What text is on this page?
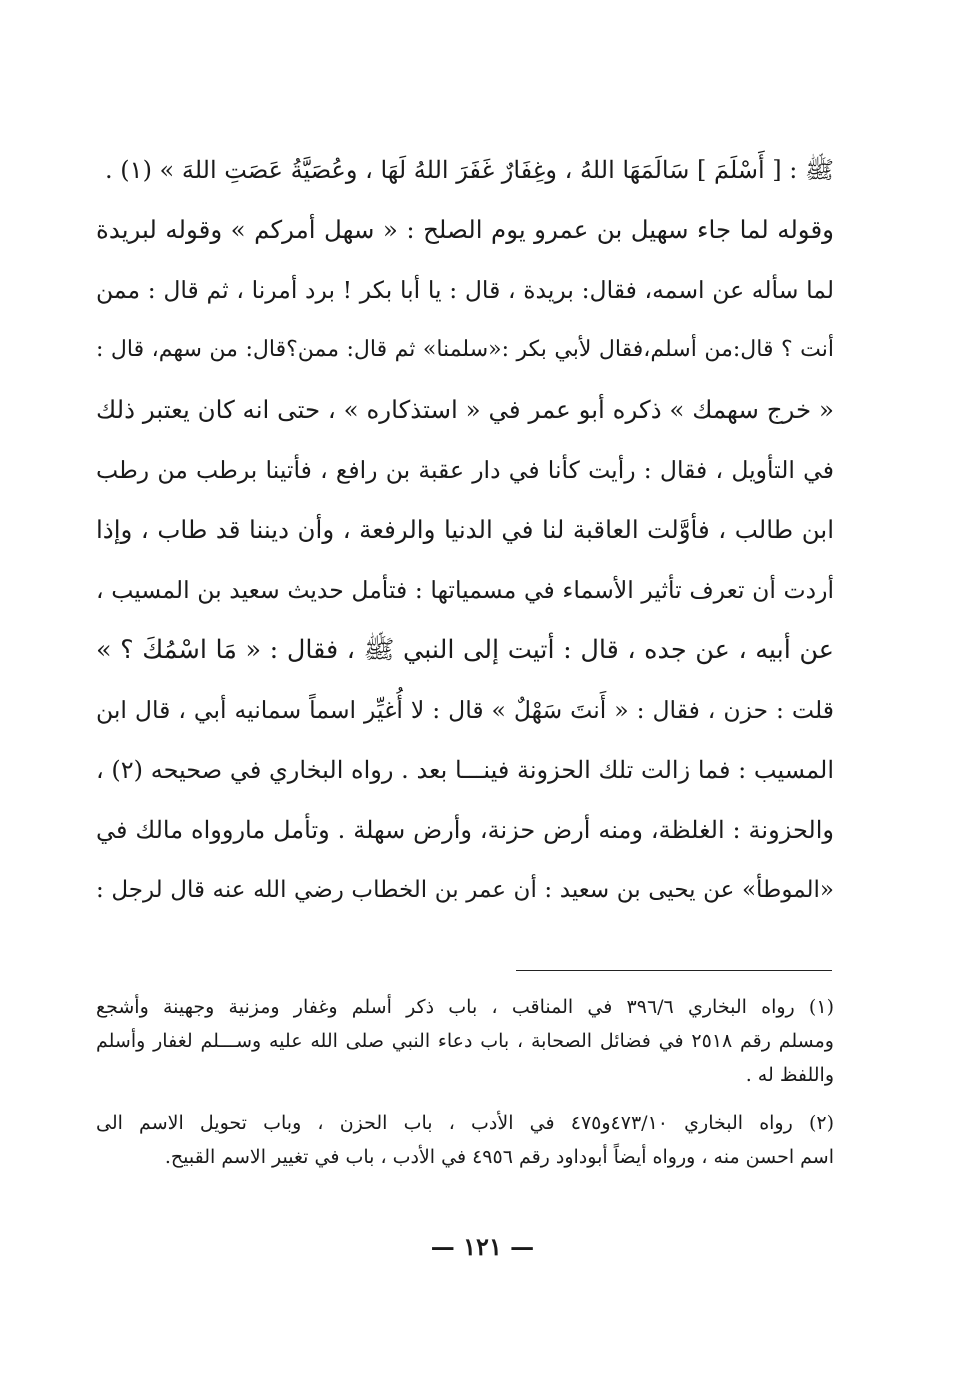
ﷺ : [ أَسْلَمَ ] سَالَمَهَا اللهُ ، وغِفَارٌ غَفَرَ اللهُ لَهَا ، وعُصَيَّةُ عَصَتِ اللهَ » (١) .
وقوله لما جاء سهيل بن عمرو يوم الصلح : « سهل أمركم » وقوله لبريدة
لما سأله عن اسمه، فقال: بريدة ، قال : يا أبا بكر ! برد أمرنا ، ثم قال : ممن
أنت ؟ قال:من أسلم،فقال لأبي بكر :«سلمنا» ثم قال: ممن؟قال: من سهم، قال :
« خرج سهمك » ذكره أبو عمر في « استذكاره » ، حتى انه كان يعتبر ذلك
في التأويل ، فقال : رأيت كأنا في دار عقبة بن رافع ، فأتينا برطب من رطب
ابن طالب ، فأوَّلت العاقبة لنا في الدنيا والرفعة ، وأن ديننا قد طاب ، وإذا
أردت أن تعرف تأثير الأسماء في مسمياتها : فتأمل حديث سعيد بن المسيب ،
عن أبيه ، عن جده ، قال : أتيت إلى النبي ﷺ ، فقال : « مَا اسْمُكَ ؟ »
قلت : حزن ، فقال : « أَنتَ سَهْلٌ » قال : لا أُغيِّر اسماً سمانيه أبي ، قال ابن
المسيب : فما زالت تلك الحزونة فينـــا بعد . رواه البخاري في صحيحه (٢) ،
والحزونة : الغلظة، ومنه أرض حزنة، وأرض سهلة . وتأمل ماروواه مالك في
«الموطأ» عن يحيى بن سعيد : أن عمر بن الخطاب رضي الله عنه قال لرجل :
(١) رواه البخاري ٣٩٦/٦ في المناقب ، باب ذكر أسلم وغفار ومزنية وجهينة وأشجع
ومسلم رقم ٢٥١٨ في فضائل الصحابة ، باب دعاء النبي صلى الله عليه وســـلم لغفار وأسلم
واللفظ له .
(٢) رواه البخاري ٤٧٣/١٠و٤٧٥ في الأدب ، باب الحزن ، وباب تحويل الاسم الى
اسم احسن منه ، ورواه أيضاً أبوداود رقم ٤٩٥٦ في الأدب ، باب في تغيير الاسم القبيح.
— ١٢١ —
